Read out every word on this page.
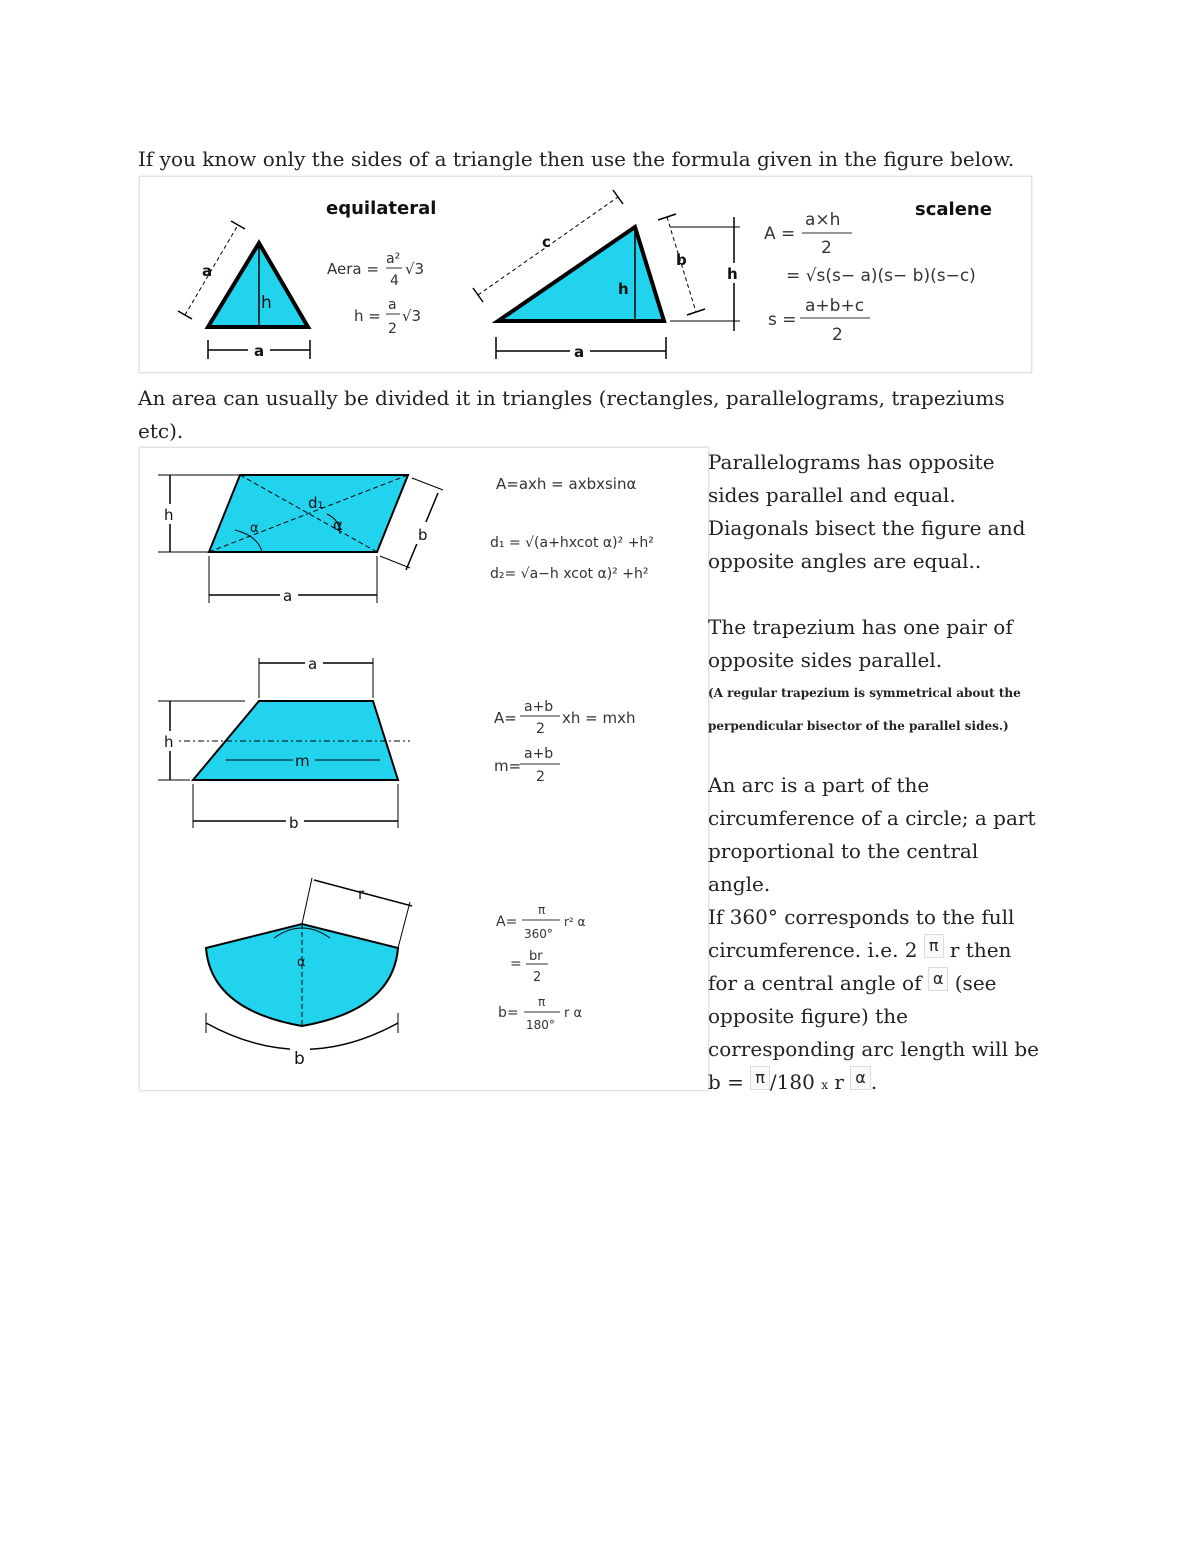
If you know only the sides of a triangle then use the formula given in the figure below.

a
h
a
equilateral
Aera =
a²
4
√3
h =
a
2
√3
c
b
h
h
a
scalene
A =
a×h
2
= √s(s− a)(s− b)(s−c)
s =
a+b+c
2

An area can usually be divided it in triangles (rectangles, parallelograms, trapeziums etc).

α	α
d₁
h
a
b
A=axh = axbxsinα
d₁ = √(a+hxcot α)² +h²
d₂= √a−h xcot α)² +h²
m
a
h
b
A=
a+b
2
xh = mxh
m=
a+b
2
α
r
b
A=
π
360°
r² α
= br
2
b=
π
180°
r α

Parallelograms has opposite sides parallel and equal. Diagonals bisect the figure and opposite angles are equal..

The trapezium has one pair of opposite sides parallel.

(A regular trapezium is symmetrical about the perpendicular bisector of the parallel sides.)

An arc is a part of the circumference of a circle; a part proportional to the central angle.

If 360° corresponds to the full circumference. i.e. 2 π r then for a central angle of α (see opposite figure) the corresponding arc length will be b = π /180 x r α .
